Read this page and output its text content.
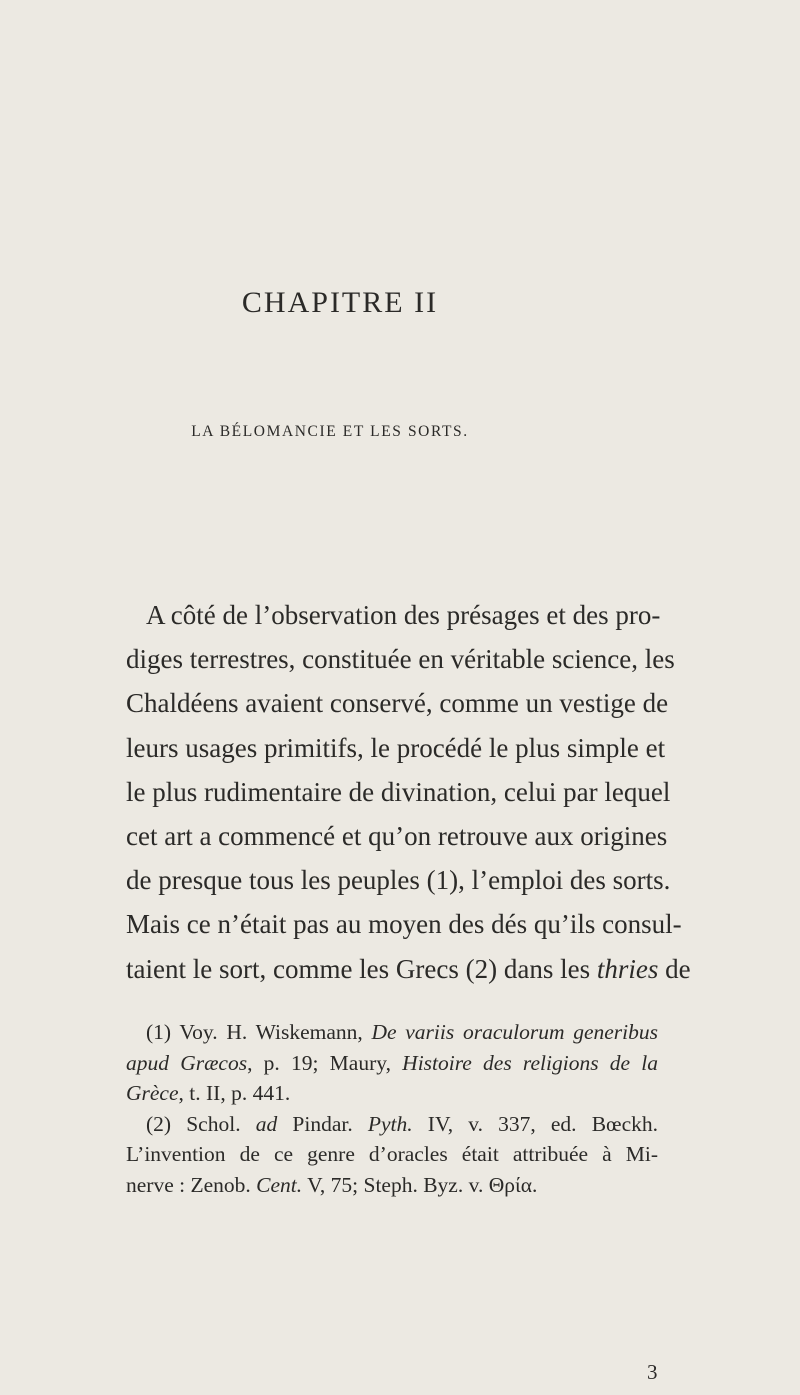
CHAPITRE II
LA BÉLOMANCIE ET LES SORTS.
A côté de l’observation des présages et des pro-
diges terrestres, constituée en véritable science, les
Chaldéens avaient conservé, comme un vestige de
leurs usages primitifs, le procédé le plus simple et
le plus rudimentaire de divination, celui par lequel
cet art a commencé et qu’on retrouve aux origines
de presque tous les peuples (1), l’emploi des sorts.
Mais ce n’était pas au moyen des dés qu’ils consul-
taient le sort, comme les Grecs (2) dans les thries de
(1) Voy. H. Wiskemann, De variis oraculorum generibus
apud Græcos, p. 19; Maury, Histoire des religions de la
Grèce, t. II, p. 441.
(2) Schol. ad Pindar. Pyth. IV, v. 337, ed. Bœckh.
L’invention de ce genre d’oracles était attribuée à Mi-
nerve : Zenob. Cent. V, 75; Steph. Byz. v. Θρία.
3
